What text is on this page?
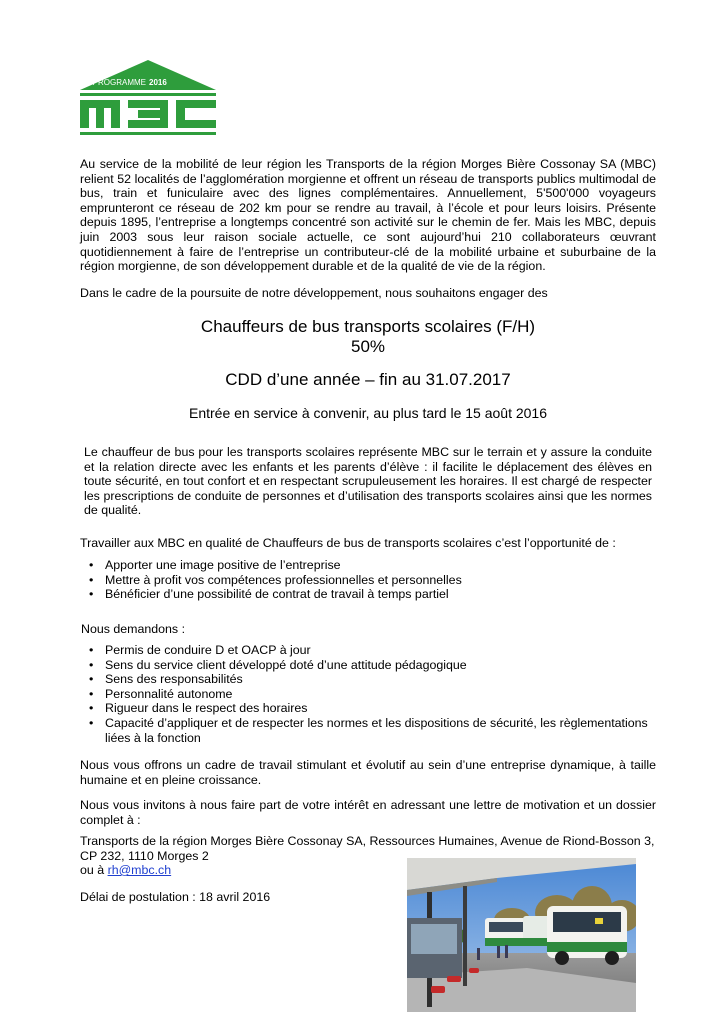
PROGRAMME 2016
Au service de la mobilité de leur région les Transports de la région Morges Bière Cossonay SA (MBC) relient 52 localités de l’agglomération morgienne et offrent un réseau de transports publics multimodal de bus, train et funiculaire avec des lignes complémentaires. Annuellement, 5'500'000 voyageurs emprunteront ce réseau de 202 km pour se rendre au travail, à l’école et pour leurs loisirs. Présente depuis 1895, l’entreprise a longtemps concentré son activité sur le chemin de fer. Mais les MBC, depuis juin 2003 sous leur raison sociale actuelle, ce sont aujourd’hui 210 collaborateurs œuvrant quotidiennement à faire de l’entreprise un contributeur-clé de la mobilité urbaine et suburbaine de la région morgienne, de son développement durable et de la qualité de vie de la région.
Dans le cadre de la poursuite de notre développement, nous souhaitons engager des
Chauffeurs de bus transports scolaires (F/H)
50%
CDD d’une année – fin au 31.07.2017
Entrée en service à convenir, au plus tard le 15 août 2016
Le chauffeur de bus pour les transports scolaires représente MBC sur le terrain et y assure la conduite et la relation directe avec les enfants et les parents d’élève : il facilite le déplacement des élèves en toute sécurité, en tout confort et en respectant scrupuleusement les horaires. Il est chargé de respecter les prescriptions de conduite de personnes et d’utilisation des transports scolaires ainsi que les normes de qualité.
Travailler aux MBC en qualité de Chauffeurs de bus de transports scolaires c’est l’opportunité de :
• Apporter une image positive de l’entreprise
• Mettre à profit vos compétences professionnelles et personnelles
• Bénéficier d’une possibilité de contrat de travail à temps partiel
Nous demandons :
• Permis de conduire D et OACP à jour
• Sens du service client développé doté d’une attitude pédagogique
• Sens des responsabilités
• Personnalité autonome
• Rigueur dans le respect des horaires
• Capacité d’appliquer et de respecter les normes et les dispositions de sécurité, les règlementations liées à la fonction
Nous vous offrons un cadre de travail stimulant et évolutif au sein d’une entreprise dynamique, à taille humaine et en pleine croissance.
Nous vous invitons à nous faire part de votre intérêt en adressant une lettre de motivation et un dossier complet à :
Transports de la région Morges Bière Cossonay SA, Ressources Humaines, Avenue de Riond-Bosson 3,
CP 232, 1110 Morges 2
ou à rh@mbc.ch
Délai de postulation : 18 avril 2016
